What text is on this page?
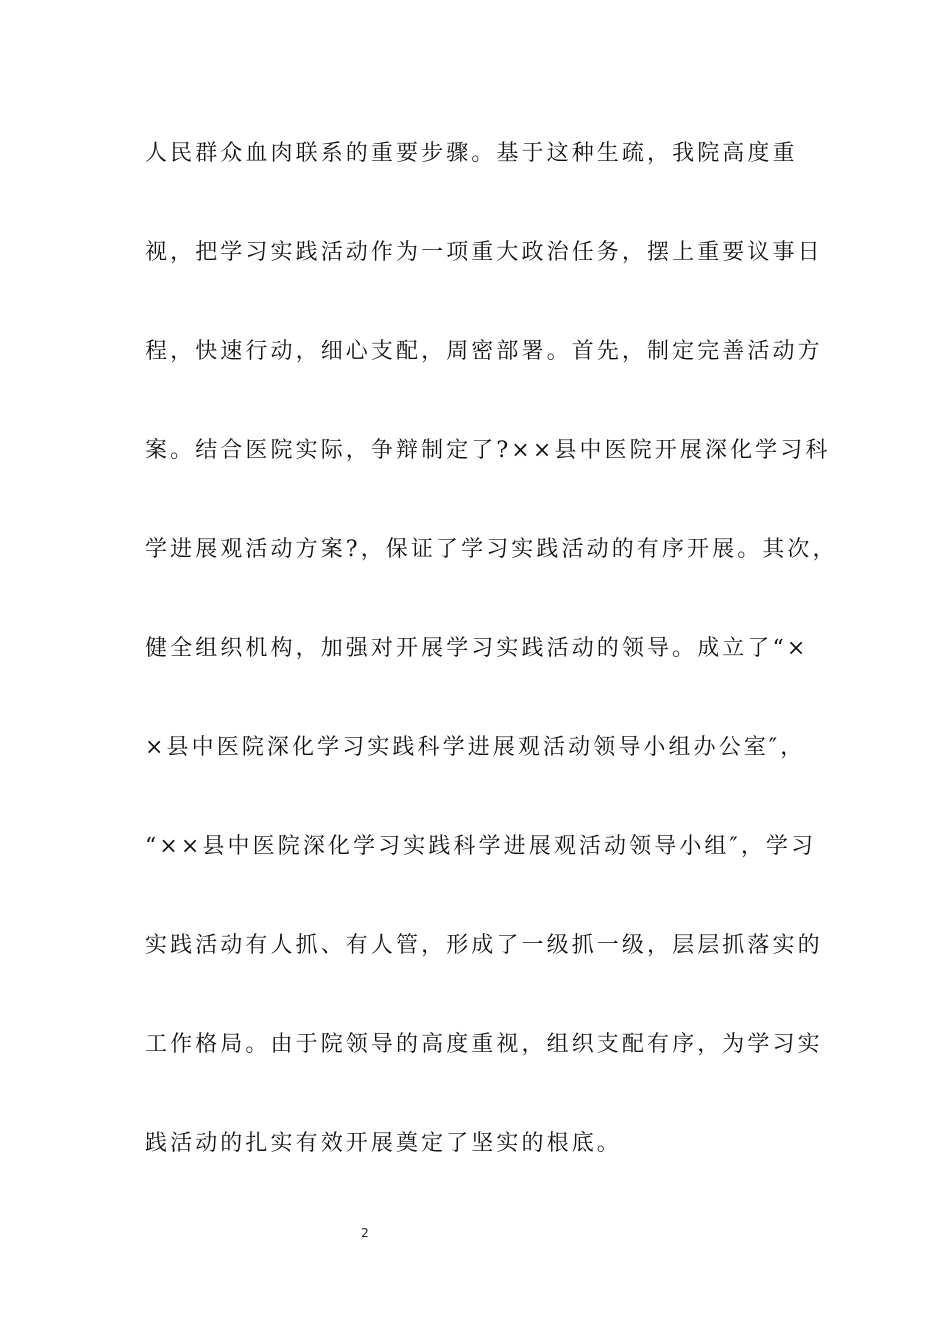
人民群众血肉联系的重要步骤。基于这种生疏，我院高度重
视，把学习实践活动作为一项重大政治任务，摆上重要议事日
程，快速行动，细心支配，周密部署。首先，制定完善活动方
案。结合医院实际，争辩制定了?××县中医院开展深化学习科
学进展观活动方案?，保证了学习实践活动的有序开展。其次，
健全组织机构，加强对开展学习实践活动的领导。成立了“×
×县中医院深化学习实践科学进展观活动领导小组办公室″，
“××县中医院深化学习实践科学进展观活动领导小组″，学习
实践活动有人抓、有人管，形成了一级抓一级，层层抓落实的
工作格局。由于院领导的高度重视，组织支配有序，为学习实
践活动的扎实有效开展奠定了坚实的根底。
2
